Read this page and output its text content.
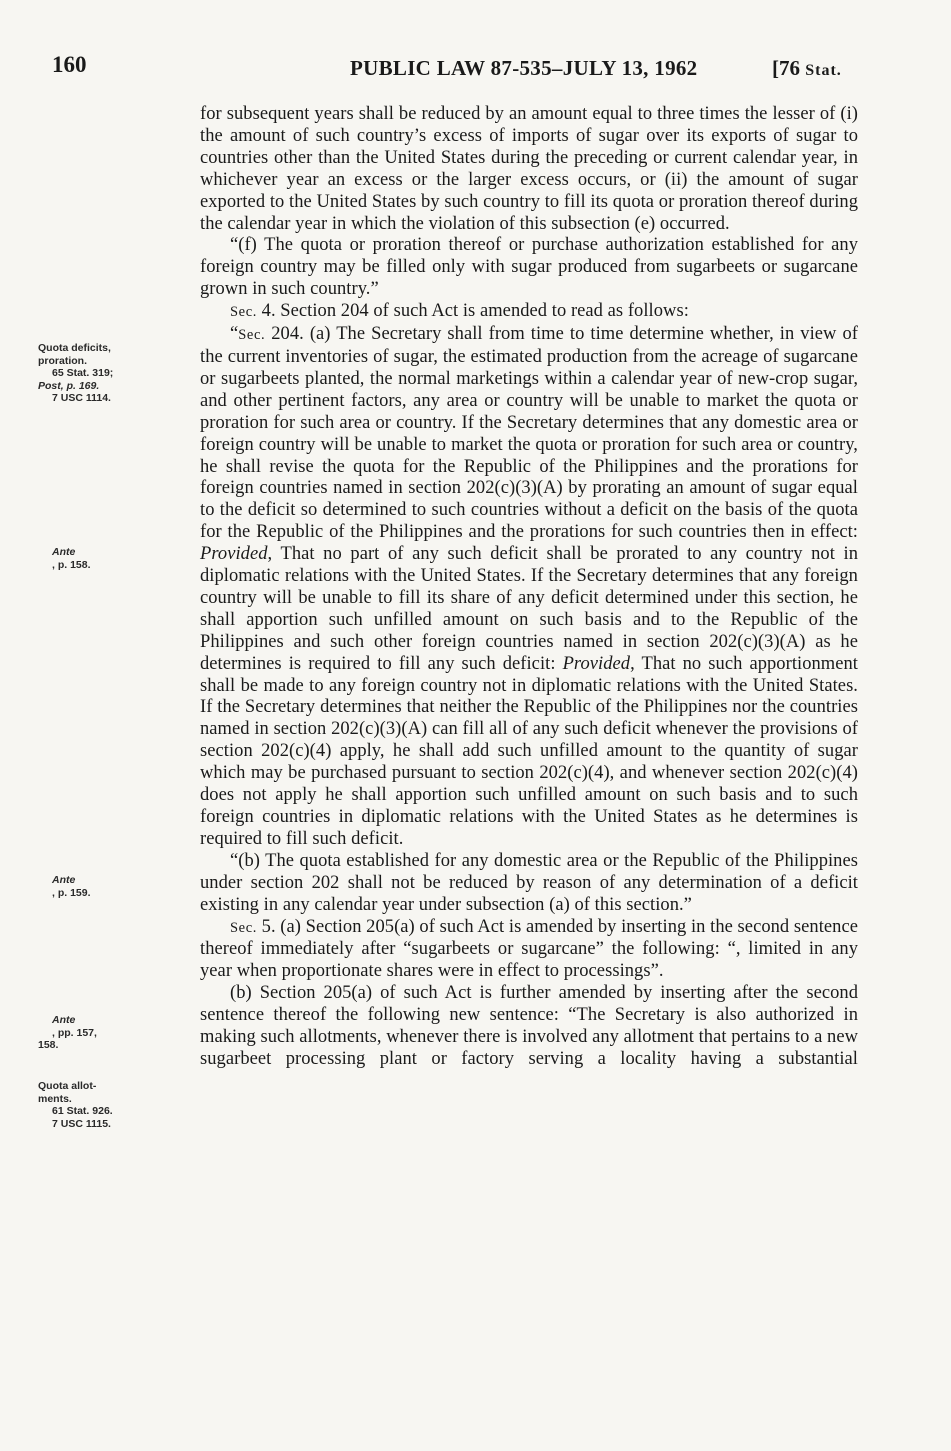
160	PUBLIC LAW 87-535–JULY 13, 1962	[76 Stat.
Quota deficits,
proration.
65 Stat. 319;
Post, p. 169.
7 USC 1114.
Ante
, p. 158.
Ante
, p. 159.
Ante
, pp. 157,
158.
Quota allot-
ments.
61 Stat. 926.
7 USC 1115.

for subsequent years shall be reduced by an amount equal to three times the lesser of (i) the amount of such country’s excess of imports of sugar over its exports of sugar to countries other than the United States during the preceding or current calendar year, in whichever year an excess or the larger excess occurs, or (ii) the amount of sugar exported to the United States by such country to fill its quota or proration thereof during the calendar year in which the violation of this subsection (e) occurred.

“(f) The quota or proration thereof or purchase authorization established for any foreign country may be filled only with sugar produced from sugarbeets or sugarcane grown in such country.”

Sec. 4. Section 204 of such Act is amended to read as follows:

“Sec. 204. (a) The Secretary shall from time to time determine whether, in view of the current inventories of sugar, the estimated production from the acreage of sugarcane or sugarbeets planted, the normal marketings within a calendar year of new-crop sugar, and other pertinent factors, any area or country will be unable to market the quota or proration for such area or country. If the Secretary determines that any domestic area or foreign country will be unable to market the quota or proration for such area or country, he shall revise the quota for the Republic of the Philippines and the prorations for foreign countries named in section 202(c)(3)(A) by prorating an amount of sugar equal to the deficit so determined to such countries without a deficit on the basis of the quota for the Republic of the Philippines and the prorations for such countries then in effect: Provided, That no part of any such deficit shall be prorated to any country not in diplomatic relations with the United States. If the Secretary determines that any foreign country will be unable to fill its share of any deficit determined under this section, he shall apportion such unfilled amount on such basis and to the Republic of the Philippines and such other foreign countries named in section 202(c)(3)(A) as he determines is required to fill any such deficit: Provided, That no such apportionment shall be made to any foreign country not in diplomatic relations with the United States. If the Secretary determines that neither the Republic of the Philippines nor the countries named in section 202(c)(3)(A) can fill all of any such deficit whenever the provisions of section 202(c)(4) apply, he shall add such unfilled amount to the quantity of sugar which may be purchased pursuant to section 202(c)(4), and whenever section 202(c)(4) does not apply he shall apportion such unfilled amount on such basis and to such foreign countries in diplomatic relations with the United States as he determines is required to fill such deficit.

“(b) The quota established for any domestic area or the Republic of the Philippines under section 202 shall not be reduced by reason of any determination of a deficit existing in any calendar year under subsection (a) of this section.”

Sec. 5. (a) Section 205(a) of such Act is amended by inserting in the second sentence thereof immediately after “sugarbeets or sugarcane” the following: “, limited in any year when proportionate shares were in effect to processings”.

(b) Section 205(a) of such Act is further amended by inserting after the second sentence thereof the following new sentence: “The Secretary is also authorized in making such allotments, whenever there is involved any allotment that pertains to a new sugarbeet processing plant or factory serving a locality having a substantial
